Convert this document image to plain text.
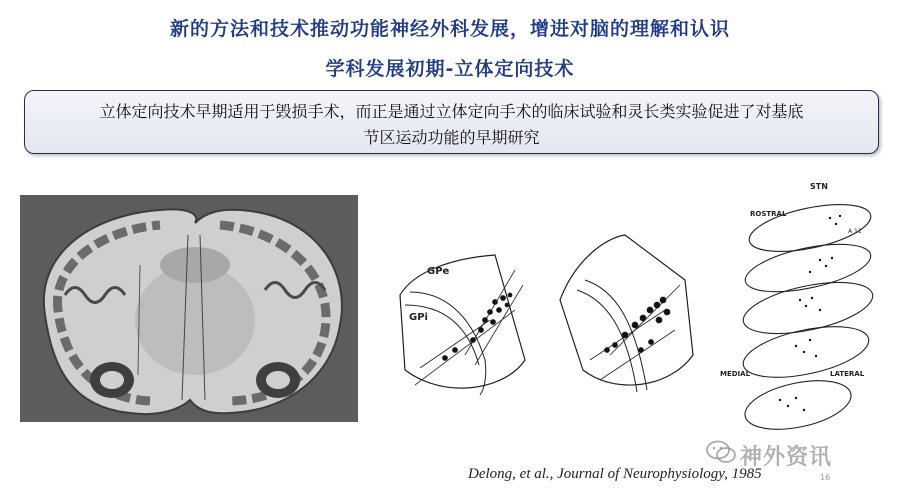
新的方法和技术推动功能神经外科发展，增进对脑的理解和认识
学科发展初期-立体定向技术
立体定向技术早期适用于毁损手术，而正是通过立体定向手术的临床试验和灵长类实验促进了对基底
节区运动功能的早期研究
GPe
GPi
STN
ROSTRAL
A 11
MEDIAL	LATERAL
神外资讯
Delong, et al., Journal of Neurophysiology, 1985	16
